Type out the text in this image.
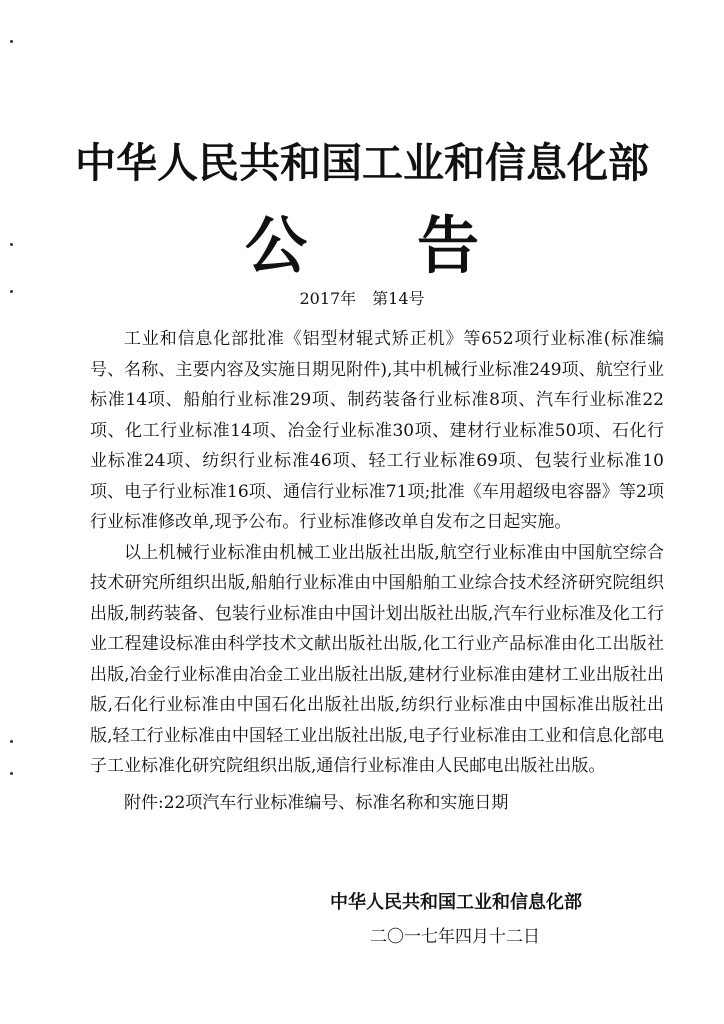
中华人民共和国工业和信息化部
公告
2017年　第14号

工业和信息化部批准《铝型材辊式矫正机》等652项行业标准(标准编号、名称、主要内容及实施日期见附件),其中机械行业标准249项、航空行业标准14项、船舶行业标准29项、制药装备行业标准8项、汽车行业标准22项、化工行业标准14项、冶金行业标准30项、建材行业标准50项、石化行业标准24项、纺织行业标准46项、轻工行业标准69项、包装行业标准10项、电子行业标准16项、通信行业标准71项;批准《车用超级电容器》等2项行业标准修改单,现予公布。行业标准修改单自发布之日起实施。

以上机械行业标准由机械工业出版社出版,航空行业标准由中国航空综合技术研究所组织出版,船舶行业标准由中国船舶工业综合技术经济研究院组织出版,制药装备、包装行业标准由中国计划出版社出版,汽车行业标准及化工行业工程建设标准由科学技术文献出版社出版,化工行业产品标准由化工出版社出版,冶金行业标准由冶金工业出版社出版,建材行业标准由建材工业出版社出版,石化行业标准由中国石化出版社出版,纺织行业标准由中国标准出版社出版,轻工行业标准由中国轻工业出版社出版,电子行业标准由工业和信息化部电子工业标准化研究院组织出版,通信行业标准由人民邮电出版社出版。

附件:22项汽车行业标准编号、标准名称和实施日期

中华人民共和国工业和信息化部
二〇一七年四月十二日
